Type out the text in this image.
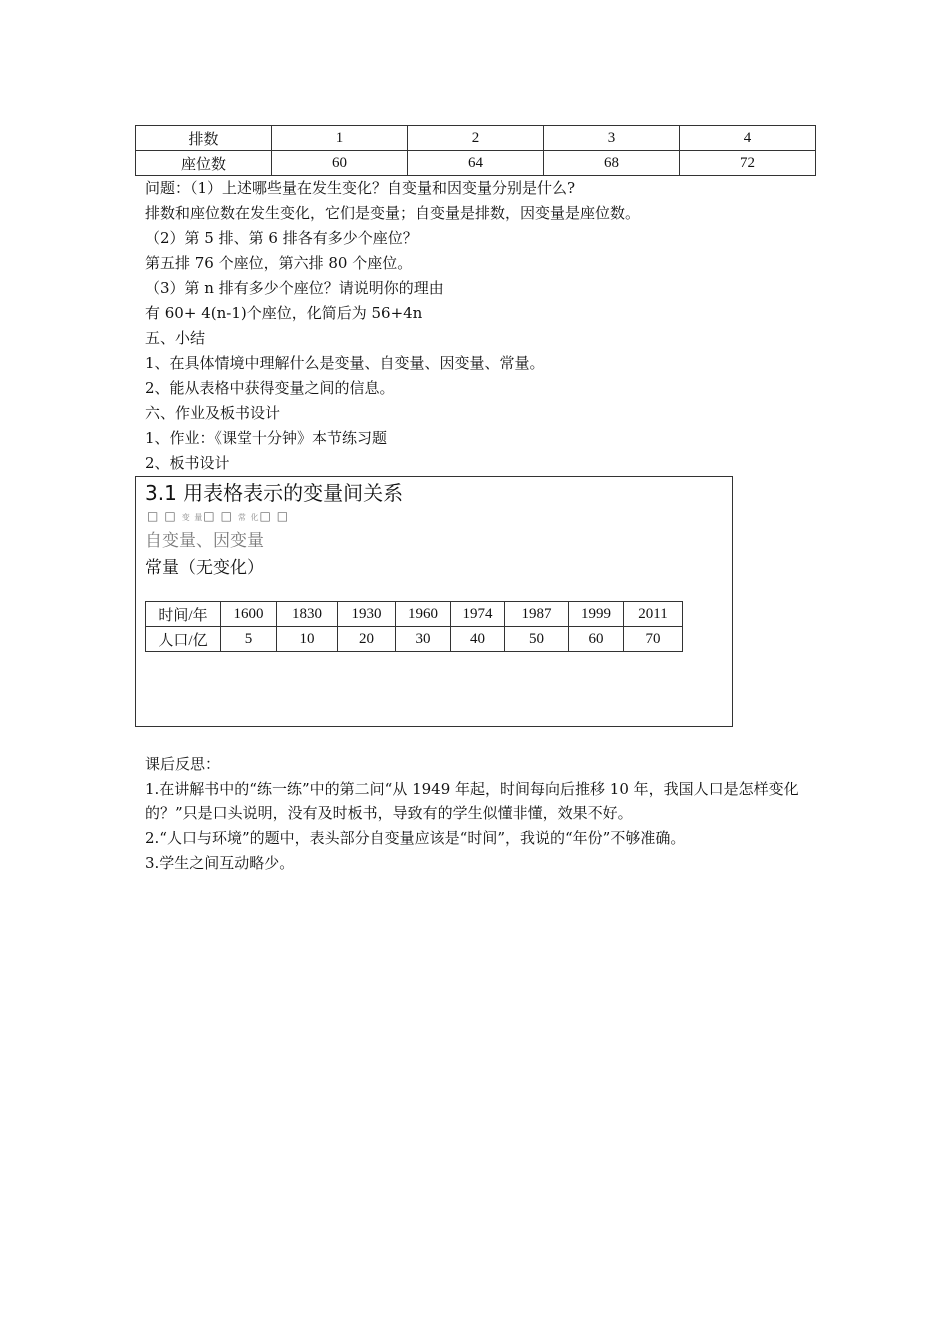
排数	1	2	3	4
座位数	60	64	68	72
问题：（1）上述哪些量在发生变化？自变量和因变量分别是什么?
排数和座位数在发生变化，它们是变量；自变量是排数，因变量是座位数。
（2）第 5 排、第 6 排各有多少个座位？
第五排 76 个座位，第六排 80 个座位。
（3）第 n 排有多少个座位？请说明你的理由
有 60+ 4(n-1)个座位，化简后为 56+4n
五、小结
1、在具体情境中理解什么是变量、自变量、因变量、常量。
2、能从表格中获得变量之间的信息。
六、作业及板书设计
1、作业：《课堂十分钟》本节练习题
2、板书设计
3.1 用表格表示的变量间关系
□□变 量□□常 化□□
自变量、因变量
常量（无变化）
时间/年	1600	1830	1930	1960	1974	1987	1999	2011
人口/亿	5	10	20	30	40	50	60	70
课后反思：
1.在讲解书中的“练一练”中的第二问“从 1949 年起，时间每向后推移 10 年，我国人口是怎样变化的？”只是口头说明，没有及时板书，导致有的学生似懂非懂，效果不好。
2.“人口与环境”的题中，表头部分自变量应该是“时间”，我说的“年份”不够准确。
3.学生之间互动略少。
